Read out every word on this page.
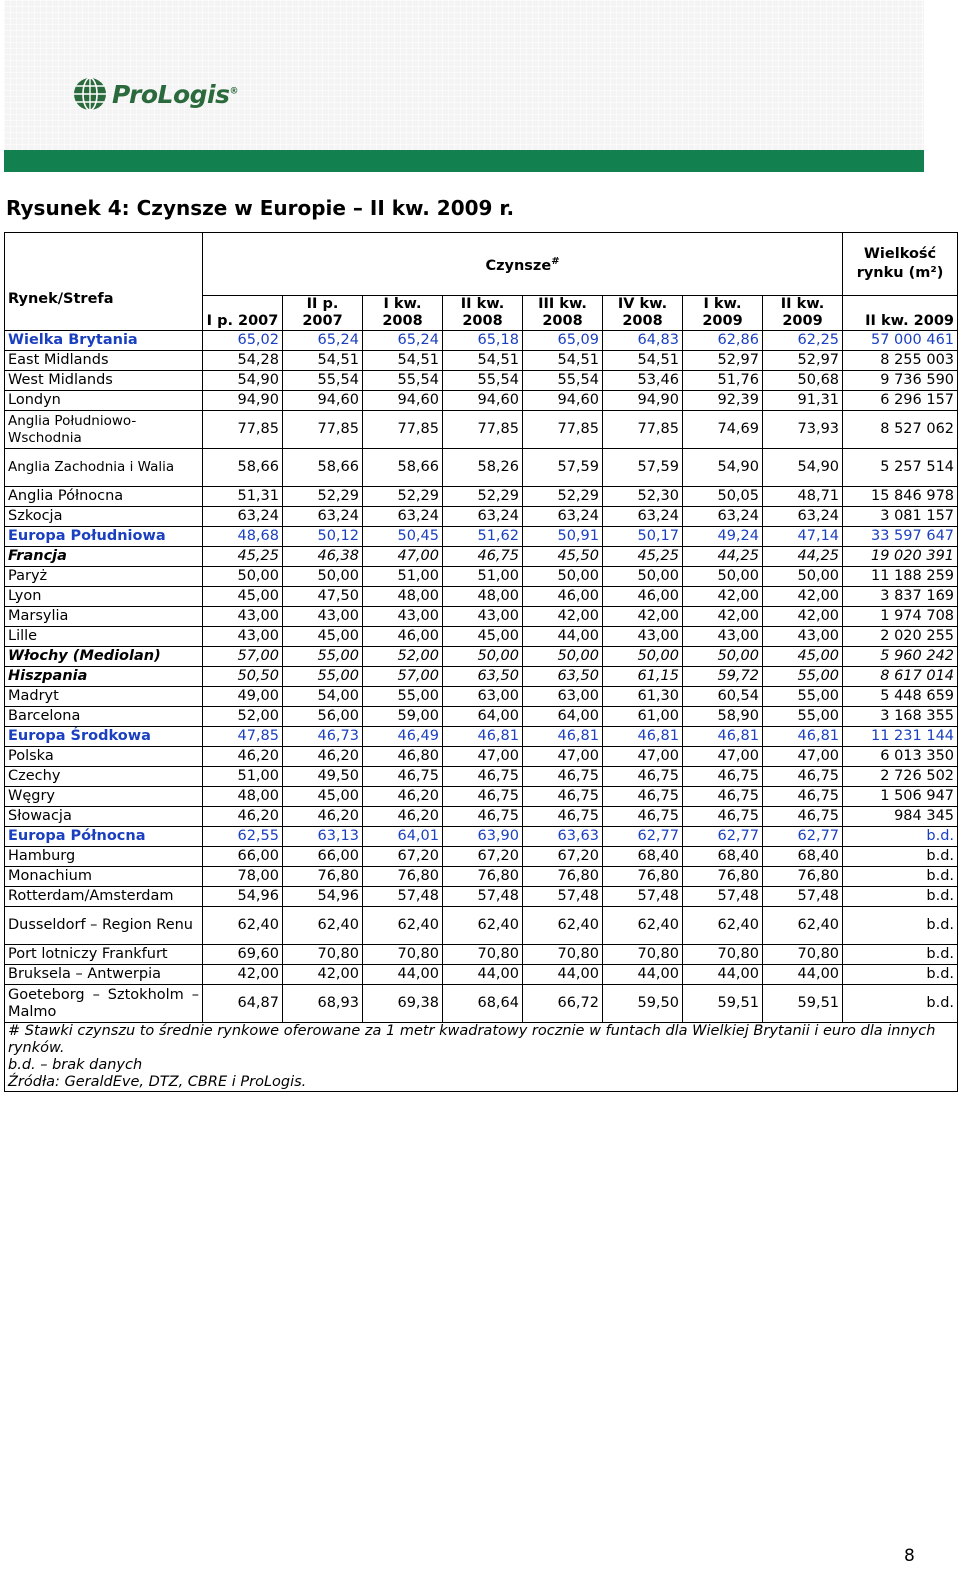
ProLogis®
Rysunek 4: Czynsze w Europie – II kw. 2009 r.
Rynek/Strefa	Czynsze#								Wielkość rynku (m²)
	I p. 2007	II p. 2007	I kw. 2008	II kw. 2008	III kw. 2008	IV kw. 2008	I kw. 2009	II kw. 2009	II kw. 2009
Wielka Brytania	65,02	65,24	65,24	65,18	65,09	64,83	62,86	62,25	57 000 461
East Midlands	54,28	54,51	54,51	54,51	54,51	54,51	52,97	52,97	8 255 003
West Midlands	54,90	55,54	55,54	55,54	55,54	53,46	51,76	50,68	9 736 590
Londyn	94,90	94,60	94,60	94,60	94,60	94,90	92,39	91,31	6 296 157
Anglia Południowo-Wschodnia	77,85	77,85	77,85	77,85	77,85	77,85	74,69	73,93	8 527 062
Anglia Zachodnia i Walia	58,66	58,66	58,66	58,26	57,59	57,59	54,90	54,90	5 257 514
Anglia Północna	51,31	52,29	52,29	52,29	52,29	52,30	50,05	48,71	15 846 978
Szkocja	63,24	63,24	63,24	63,24	63,24	63,24	63,24	63,24	3 081 157
Europa Południowa	48,68	50,12	50,45	51,62	50,91	50,17	49,24	47,14	33 597 647
Francja	45,25	46,38	47,00	46,75	45,50	45,25	44,25	44,25	19 020 391
Paryż	50,00	50,00	51,00	51,00	50,00	50,00	50,00	50,00	11 188 259
Lyon	45,00	47,50	48,00	48,00	46,00	46,00	42,00	42,00	3 837 169
Marsylia	43,00	43,00	43,00	43,00	42,00	42,00	42,00	42,00	1 974 708
Lille	43,00	45,00	46,00	45,00	44,00	43,00	43,00	43,00	2 020 255
Włochy (Mediolan)	57,00	55,00	52,00	50,00	50,00	50,00	50,00	45,00	5 960 242
Hiszpania	50,50	55,00	57,00	63,50	63,50	61,15	59,72	55,00	8 617 014
Madryt	49,00	54,00	55,00	63,00	63,00	61,30	60,54	55,00	5 448 659
Barcelona	52,00	56,00	59,00	64,00	64,00	61,00	58,90	55,00	3 168 355
Europa Środkowa	47,85	46,73	46,49	46,81	46,81	46,81	46,81	46,81	11 231 144
Polska	46,20	46,20	46,80	47,00	47,00	47,00	47,00	47,00	6 013 350
Czechy	51,00	49,50	46,75	46,75	46,75	46,75	46,75	46,75	2 726 502
Węgry	48,00	45,00	46,20	46,75	46,75	46,75	46,75	46,75	1 506 947
Słowacja	46,20	46,20	46,20	46,75	46,75	46,75	46,75	46,75	984 345
Europa Północna	62,55	63,13	64,01	63,90	63,63	62,77	62,77	62,77	b.d.
Hamburg	66,00	66,00	67,20	67,20	67,20	68,40	68,40	68,40	b.d.
Monachium	78,00	76,80	76,80	76,80	76,80	76,80	76,80	76,80	b.d.
Rotterdam/Amsterdam	54,96	54,96	57,48	57,48	57,48	57,48	57,48	57,48	b.d.
Dusseldorf – Region Renu	62,40	62,40	62,40	62,40	62,40	62,40	62,40	62,40	b.d.
Port lotniczy Frankfurt	69,60	70,80	70,80	70,80	70,80	70,80	70,80	70,80	b.d.
Bruksela – Antwerpia	42,00	42,00	44,00	44,00	44,00	44,00	44,00	44,00	b.d.
Goeteborg – Sztokholm – Malmo	64,87	68,93	69,38	68,64	66,72	59,50	59,51	59,51	b.d.

# Stawki czynszu to średnie rynkowe oferowane za 1 metr kwadratowy rocznie w funtach dla Wielkiej Brytanii i euro dla innych rynków.
b.d. – brak danych
Źródła: GeraldEve, DTZ, CBRE i ProLogis.									
8
